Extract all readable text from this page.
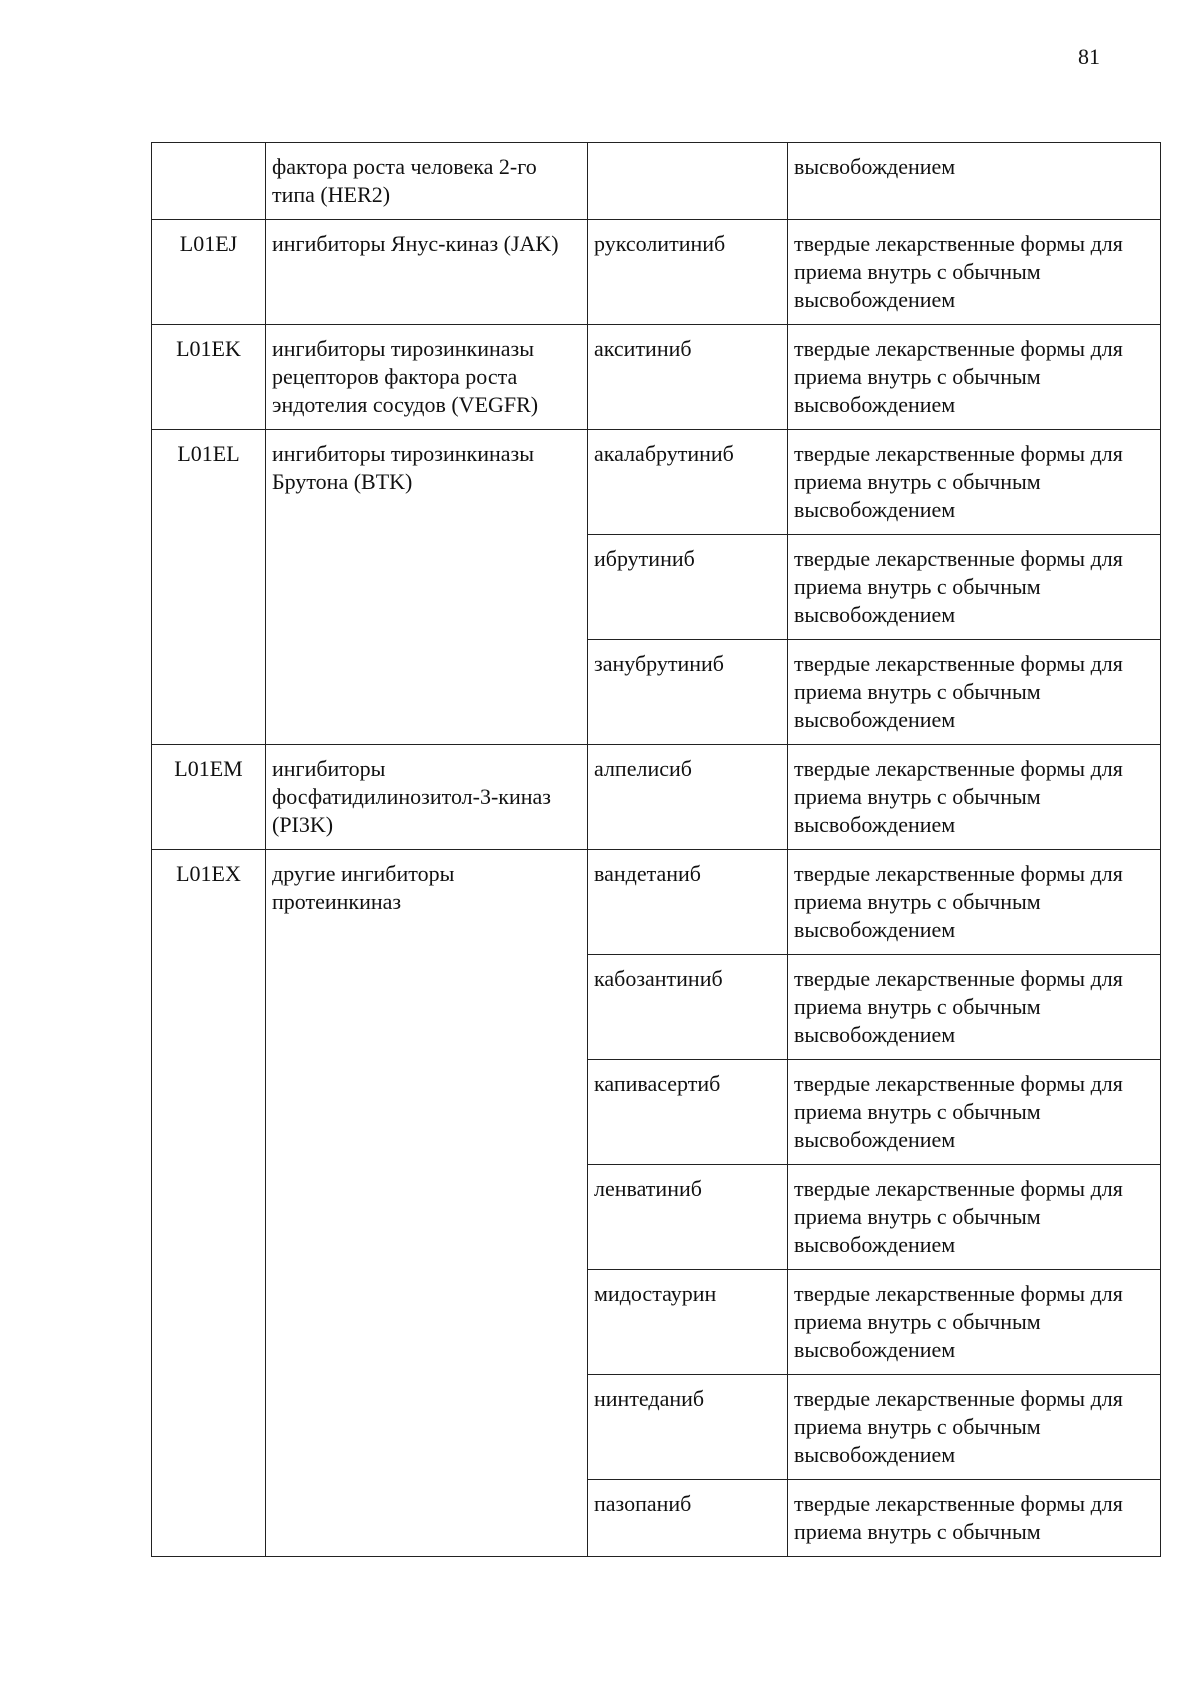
81
	фактора роста человека 2-го типа (HER2)		высвобождением
L01EJ	ингибиторы Янус-киназ (JAK)	руксолитиниб	твердые лекарственные формы для приема внутрь с обычным высвобождением
L01EK	ингибиторы тирозинкиназы рецепторов фактора роста эндотелия сосудов (VEGFR)	акситиниб	твердые лекарственные формы для приема внутрь с обычным высвобождением
L01EL	ингибиторы тирозинкиназы Брутона (BTK)	акалабрутиниб	твердые лекарственные формы для приема внутрь с обычным высвобождением
		ибрутиниб	твердые лекарственные формы для приема внутрь с обычным высвобождением
		занубрутиниб	твердые лекарственные формы для приема внутрь с обычным высвобождением
L01EM	ингибиторы фосфатидилинозитол-3-киназ (PI3K)	алпелисиб	твердые лекарственные формы для приема внутрь с обычным высвобождением
L01EX	другие ингибиторы протеинкиназ	вандетаниб	твердые лекарственные формы для приема внутрь с обычным высвобождением
		кабозантиниб	твердые лекарственные формы для приема внутрь с обычным высвобождением
		капивасертиб	твердые лекарственные формы для приема внутрь с обычным высвобождением
		ленватиниб	твердые лекарственные формы для приема внутрь с обычным высвобождением
		мидостаурин	твердые лекарственные формы для приема внутрь с обычным высвобождением
		нинтеданиб	твердые лекарственные формы для приема внутрь с обычным высвобождением
		пазопаниб	твердые лекарственные формы для приема внутрь с обычным
